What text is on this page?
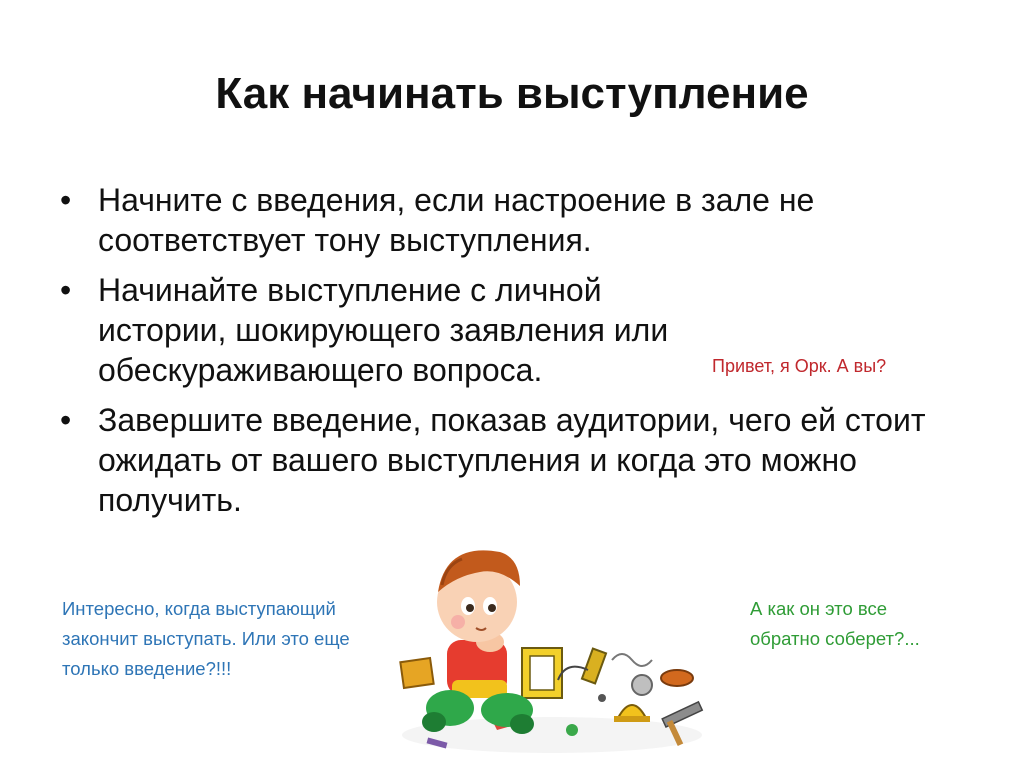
Как начинать выступление
• Начните с введения, если настроение в зале не соответствует тону выступления.
• Начинайте выступление с личной истории, шокирующего заявления или обескураживающего вопроса.
• Завершите введение, показав аудитории, чего ей стоит ожидать от вашего выступления и когда это можно получить.
Привет, я Орк. А вы?
Интересно, когда выступающий закончит выступать. Или это еще только введение?!!!
А как он это все обратно соберет?...
